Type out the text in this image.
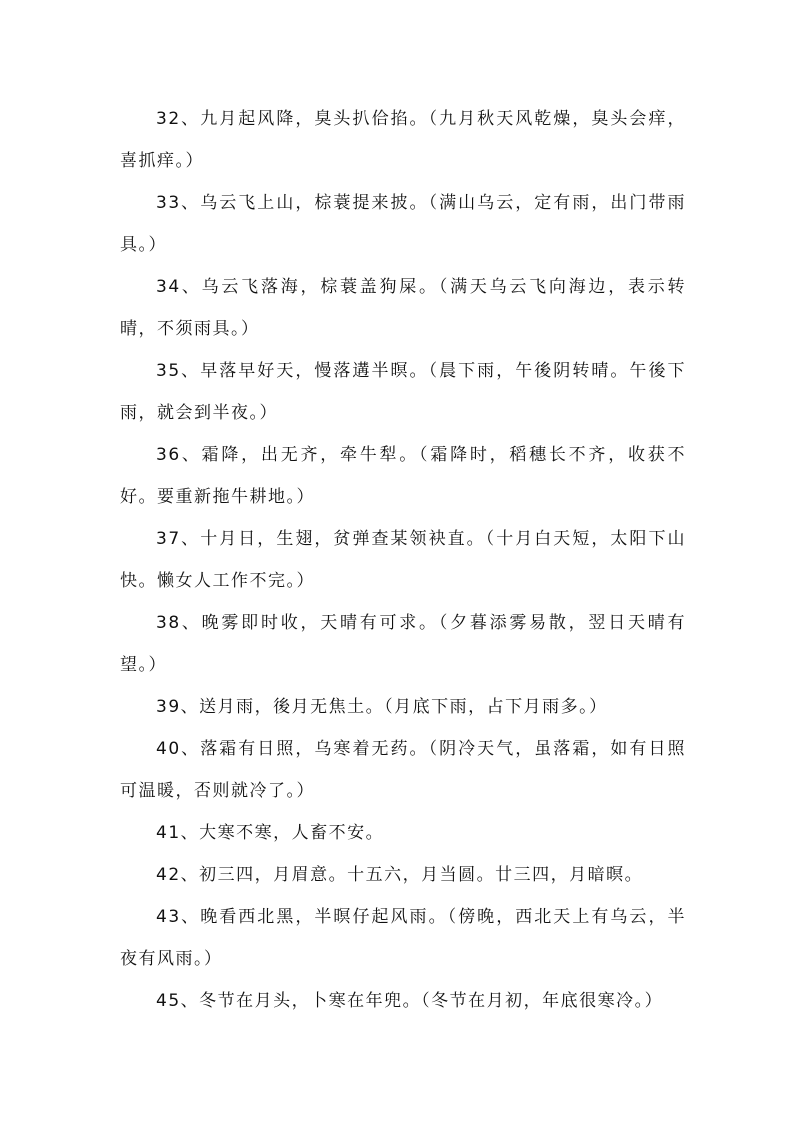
32、九月起风降，臭头扒佮掐。（九月秋天风乾燥，臭头会痒，喜抓痒。）

33、乌云飞上山，棕蓑提来披。（满山乌云，定有雨，出门带雨具。）

34、乌云飞落海，棕蓑盖狗屎。（满天乌云飞向海边，表示转晴，不须雨具。）

35、早落早好天，慢落遘半暝。（晨下雨，午後阴转晴。午後下雨，就会到半夜。）

36、霜降，出无齐，牵牛犁。（霜降时，稻穗长不齐，收获不好。要重新拖牛耕地。）

37、十月日，生翅，贫弹查某领袂直。（十月白天短，太阳下山快。懒女人工作不完。）

38、晚雾即时收，天晴有可求。（夕暮添雾易散，翌日天晴有望。）

39、送月雨，後月无焦土。（月底下雨，占下月雨多。）

40、落霜有日照，乌寒着无药。（阴冷天气，虽落霜，如有日照可温暖，否则就冷了。）

41、大寒不寒，人畜不安。

42、初三四，月眉意。十五六，月当圆。廿三四，月暗暝。

43、晚看西北黑，半暝仔起风雨。（傍晚，西北天上有乌云，半夜有风雨。）

45、冬节在月头，卜寒在年兜。（冬节在月初，年底很寒冷。）
